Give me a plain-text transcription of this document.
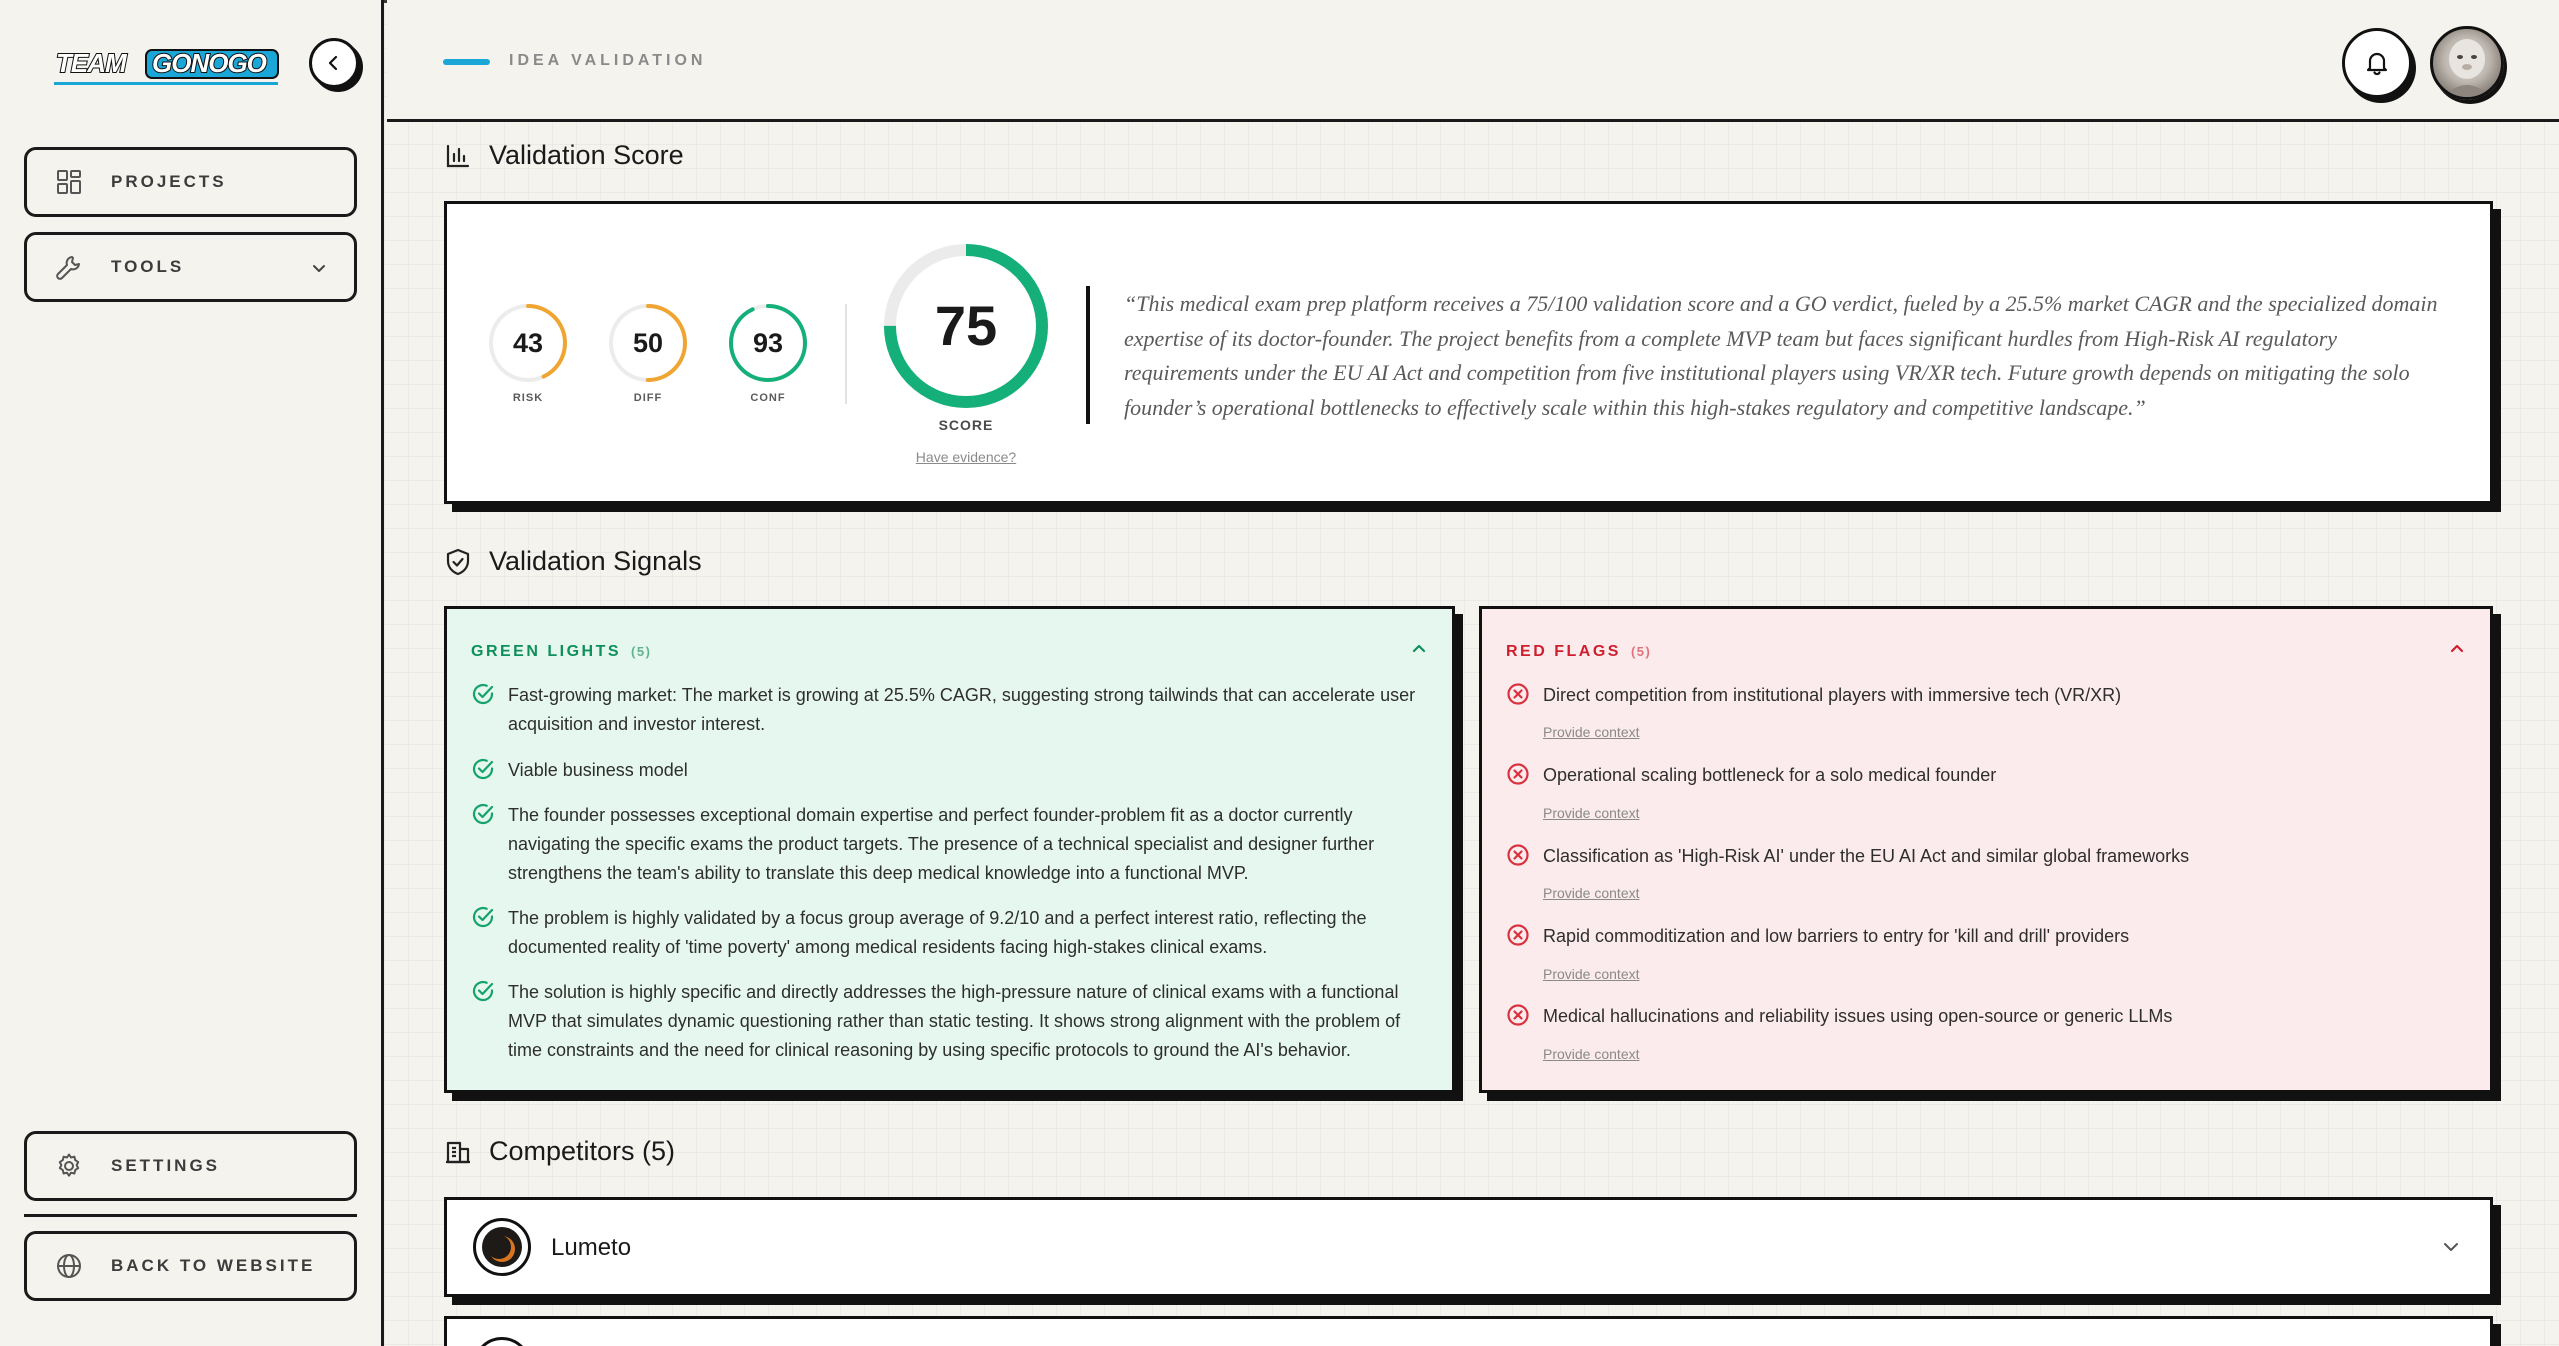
TEAM GONOGO
PROJECTS
TOOLS
SETTINGS
BACK TO WEBSITE
IDEA VALIDATION
Validation Score
43
RISK
50
DIFF
93
CONF
75
SCORE
Have evidence?

“This medical exam prep platform receives a 75/100 validation score and a GO verdict, fueled by a 25.5% market CAGR and the specialized domain expertise of its doctor-founder. The project benefits from a complete MVP team but faces significant hurdles from High-Risk AI regulatory requirements under the EU AI Act and competition from five institutional players using VR/XR tech. Future growth depends on mitigating the solo founder’s operational bottlenecks to effectively scale within this high-stakes regulatory and competitive landscape.”

Validation Signals
GREEN LIGHTS (5)
Fast-growing market: The market is growing at 25.5% CAGR, suggesting strong tailwinds that can accelerate user acquisition and investor interest.
Viable business model
The founder possesses exceptional domain expertise and perfect founder-problem fit as a doctor currently navigating the specific exams the product targets. The presence of a technical specialist and designer further strengthens the team's ability to translate this deep medical knowledge into a functional MVP.
The problem is highly validated by a focus group average of 9.2/10 and a perfect interest ratio, reflecting the documented reality of 'time poverty' among medical residents facing high-stakes clinical exams.
The solution is highly specific and directly addresses the high-pressure nature of clinical exams with a functional MVP that simulates dynamic questioning rather than static testing. It shows strong alignment with the problem of time constraints and the need for clinical reasoning by using specific protocols to ground the AI's behavior.
RED FLAGS (5)
Direct competition from institutional players with immersive tech (VR/XR)
Provide context
Operational scaling bottleneck for a solo medical founder
Provide context
Classification as 'High-Risk AI' under the EU AI Act and similar global frameworks
Provide context
Rapid commoditization and low barriers to entry for 'kill and drill' providers
Provide context
Medical hallucinations and reliability issues using open-source or generic LLMs
Provide context
Competitors (5)
Lumeto
